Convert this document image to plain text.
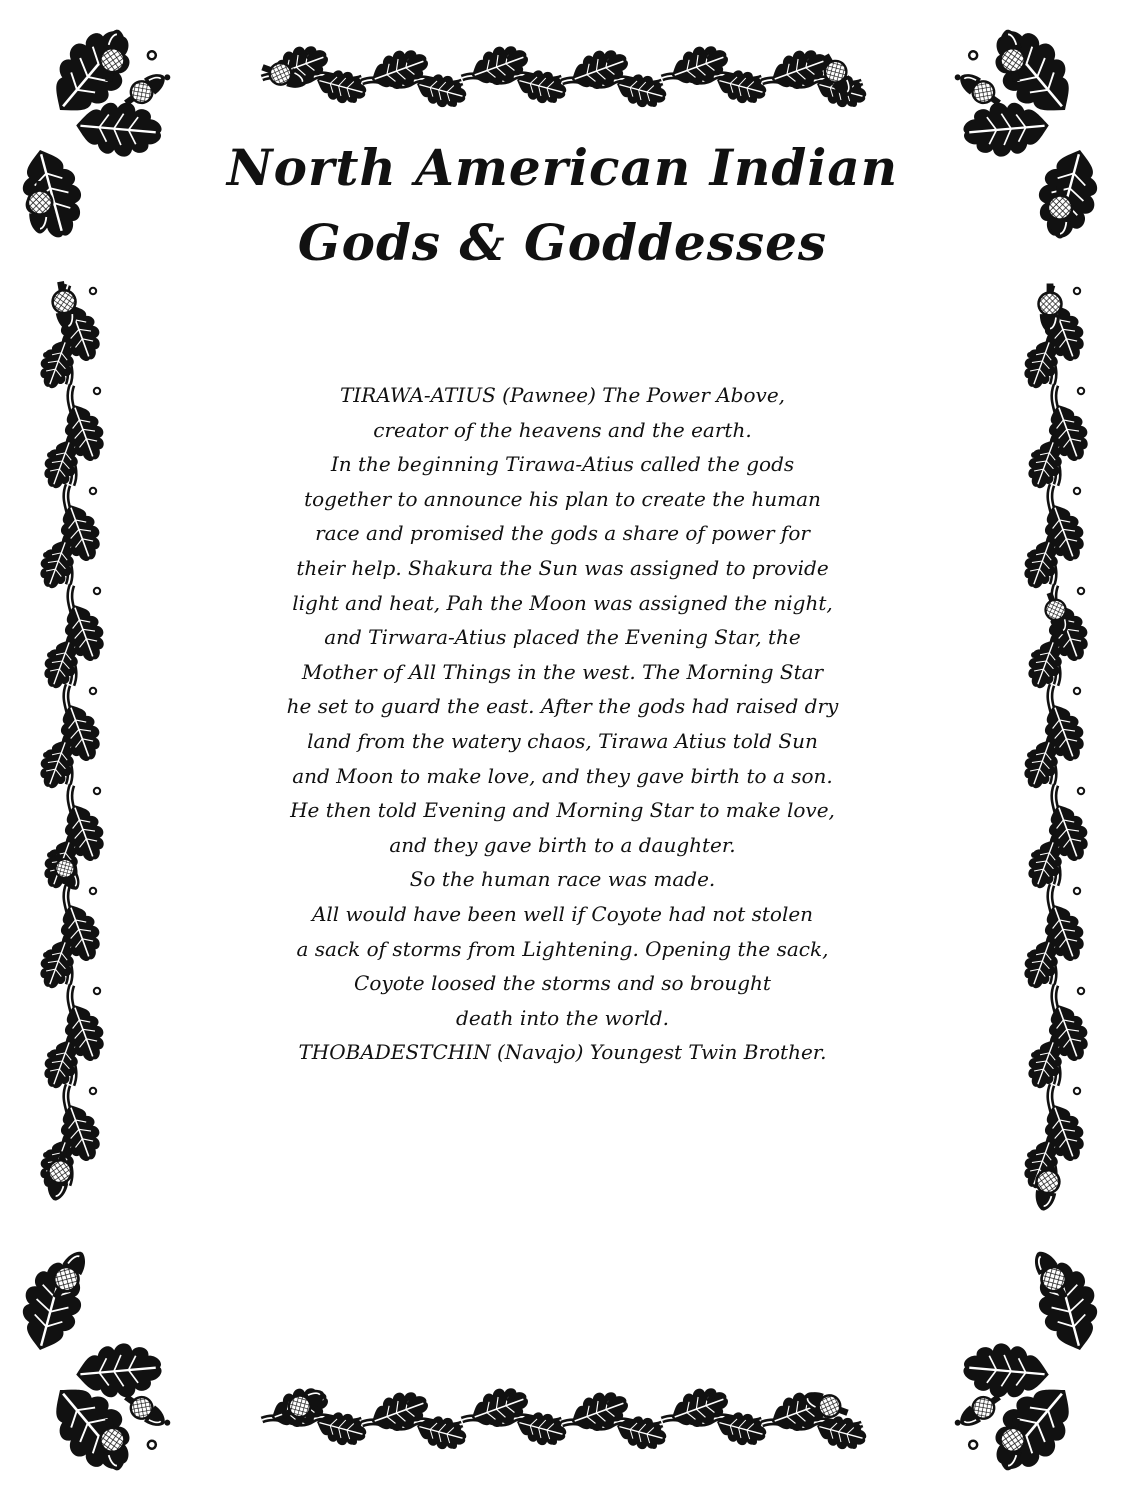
North American Indian
Gods & Goddesses
TIRAWA-ATIUS (Pawnee) The Power Above,
creator of the heavens and the earth.
In the beginning Tirawa-Atius called the gods
together to announce his plan to create the human
race and promised the gods a share of power for
their help. Shakura the Sun was assigned to provide
light and heat, Pah the Moon was assigned the night,
and Tirwara-Atius placed the Evening Star, the
Mother of All Things in the west. The Morning Star
he set to guard the east. After the gods had raised dry
land from the watery chaos, Tirawa Atius told Sun
and Moon to make love, and they gave birth to a son.
He then told Evening and Morning Star to make love,
and they gave birth to a daughter.
So the human race was made.
All would have been well if Coyote had not stolen
a sack of storms from Lightening. Opening the sack,
Coyote loosed the storms and so brought
death into the world.
THOBADESTCHIN (Navajo) Youngest Twin Brother.
